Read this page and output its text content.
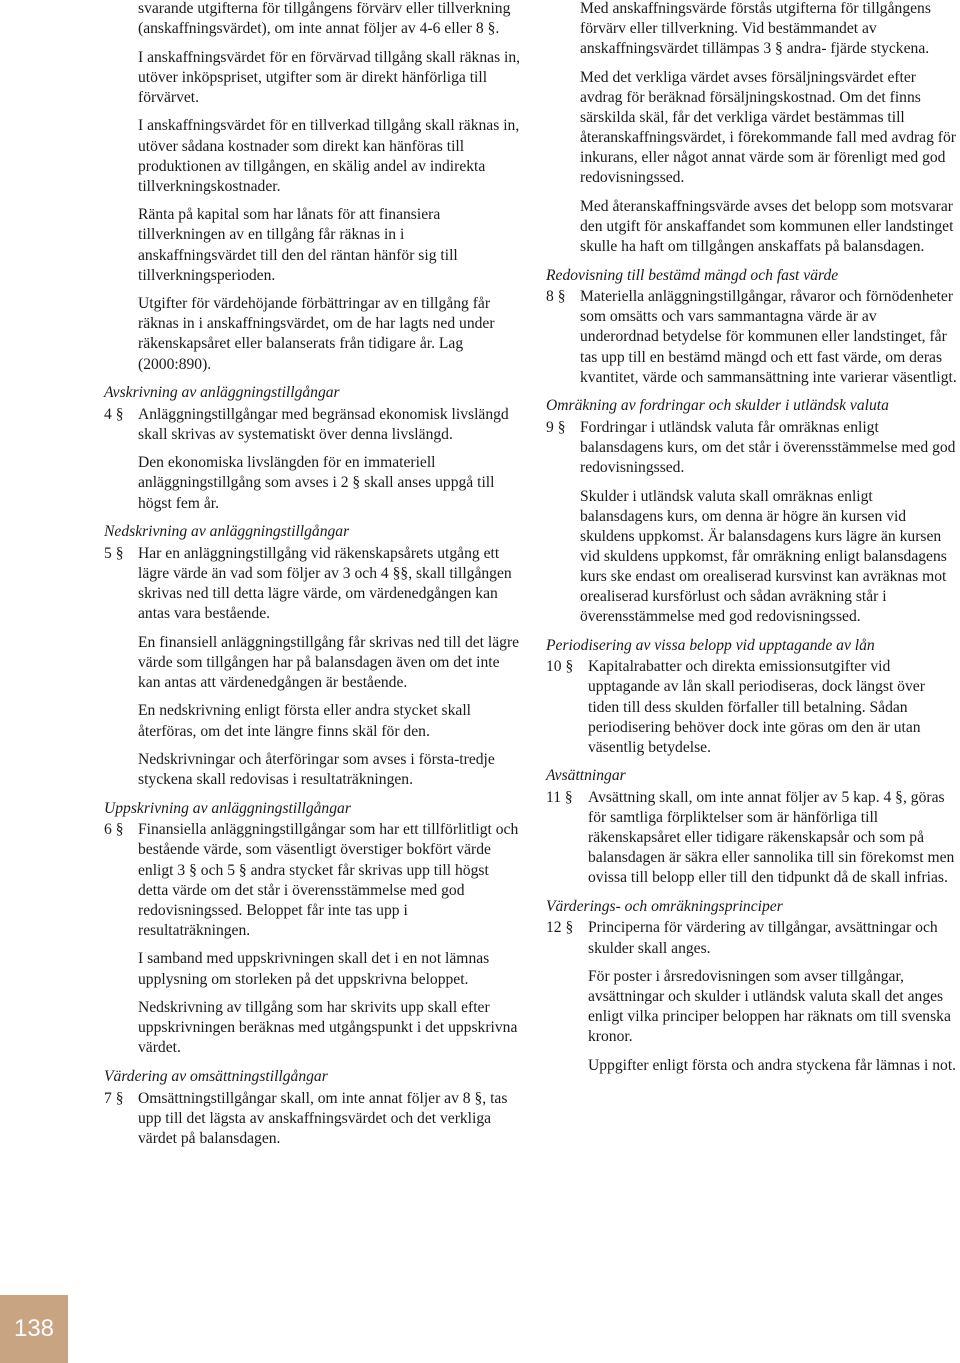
svarande utgifterna för tillgångens förvärv eller tillverkning (anskaffningsvärdet), om inte annat följer av 4-6 eller 8 §.

I anskaffningsvärdet för en förvärvad tillgång skall räknas in, utöver inköpspriset, utgifter som är direkt hänförliga till förvärvet.

I anskaffningsvärdet för en tillverkad tillgång skall räknas in, utöver sådana kostnader som direkt kan hänföras till produktionen av tillgången, en skälig andel av indirekta tillverkningskostnader.

Ränta på kapital som har lånats för att finansiera tillverkningen av en tillgång får räknas in i anskaffningsvärdet till den del räntan hänför sig till tillverkningsperioden.

Utgifter för värdehöjande förbättringar av en tillgång får räknas in i anskaffningsvärdet, om de har lagts ned under räkenskapsåret eller balanserats från tidigare år. Lag (2000:890).

Avskrivning av anläggningstillgångar
4 § Anläggningstillgångar med begränsad ekonomisk livslängd skall skrivas av systematiskt över denna livslängd.

Den ekonomiska livslängden för en immateriell anläggningstillgång som avses i 2 § skall anses uppgå till högst fem år.

Nedskrivning av anläggningstillgångar
5 § Har en anläggningstillgång vid räkenskapsårets utgång ett lägre värde än vad som följer av 3 och 4 §§, skall tillgången skrivas ned till detta lägre värde, om värdenedgången kan antas vara bestående.

En finansiell anläggningstillgång får skrivas ned till det lägre värde som tillgången har på balansdagen även om det inte kan antas att värdenedgången är bestående.

En nedskrivning enligt första eller andra stycket skall återföras, om det inte längre finns skäl för den.

Nedskrivningar och återföringar som avses i första-tredje styckena skall redovisas i resultaträkningen.

Uppskrivning av anläggningstillgångar
6 § Finansiella anläggningstillgångar som har ett tillförlitligt och bestående värde, som väsentligt överstiger bokfört värde enligt 3 § och 5 § andra stycket får skrivas upp till högst detta värde om det står i överensstämmelse med god redovisningssed. Beloppet får inte tas upp i resultaträkningen.

I samband med uppskrivningen skall det i en not lämnas upplysning om storleken på det uppskrivna beloppet.

Nedskrivning av tillgång som har skrivits upp skall efter uppskrivningen beräknas med utgångspunkt i det uppskrivna värdet.

Värdering av omsättningstillgångar
7 § Omsättningstillgångar skall, om inte annat följer av 8 §, tas upp till det lägsta av anskaffningsvärdet och det verkliga värdet på balansdagen.

Med anskaffningsvärde förstås utgifterna för tillgångens förvärv eller tillverkning. Vid bestämmandet av anskaffningsvärdet tillämpas 3 § andra- fjärde styckena.

Med det verkliga värdet avses försäljningsvärdet efter avdrag för beräknad försäljningskostnad. Om det finns särskilda skäl, får det verkliga värdet bestämmas till återanskaffningsvärdet, i förekommande fall med avdrag för inkurans, eller något annat värde som är förenligt med god redovisningssed.

Med återanskaffningsvärde avses det belopp som motsvarar den utgift för anskaffandet som kommunen eller landstinget skulle ha haft om tillgången anskaffats på balansdagen.

Redovisning till bestämd mängd och fast värde
8 § Materiella anläggningstillgångar, råvaror och förnödenheter som omsätts och vars sammantagna värde är av underordnad betydelse för kommunen eller landstinget, får tas upp till en bestämd mängd och ett fast värde, om deras kvantitet, värde och sammansättning inte varierar väsentligt.
Omräkning av fordringar och skulder i utländsk valuta
9 § Fordringar i utländsk valuta får omräknas enligt balansdagens kurs, om det står i överensstämmelse med god redovisningssed.

Skulder i utländsk valuta skall omräknas enligt balansdagens kurs, om denna är högre än kursen vid skuldens uppkomst. Är balansdagens kurs lägre än kursen vid skuldens uppkomst, får omräkning enligt balansdagens kurs ske endast om orealiserad kursvinst kan avräknas mot orealiserad kursförlust och sådan avräkning står i överensstämmelse med god redovisningssed.

Periodisering av vissa belopp vid upptagande av lån
10 § Kapitalrabatter och direkta emissionsutgifter vid upptagande av lån skall periodiseras, dock längst över tiden till dess skulden förfaller till betalning. Sådan periodisering behöver dock inte göras om den är utan väsentlig betydelse.
Avsättningar
11 § Avsättning skall, om inte annat följer av 5 kap. 4 §, göras för samtliga förpliktelser som är hänförliga till räkenskapsåret eller tidigare räkenskapsår och som på balansdagen är säkra eller sannolika till sin förekomst men ovissa till belopp eller till den tidpunkt då de skall infrias.
Värderings- och omräkningsprinciper
12 § Principerna för värdering av tillgångar, avsättningar och skulder skall anges.

För poster i årsredovisningen som avser tillgångar, avsättningar och skulder i utländsk valuta skall det anges enligt vilka principer beloppen har räknats om till svenska kronor.

Uppgifter enligt första och andra styckena får lämnas i not.

138
